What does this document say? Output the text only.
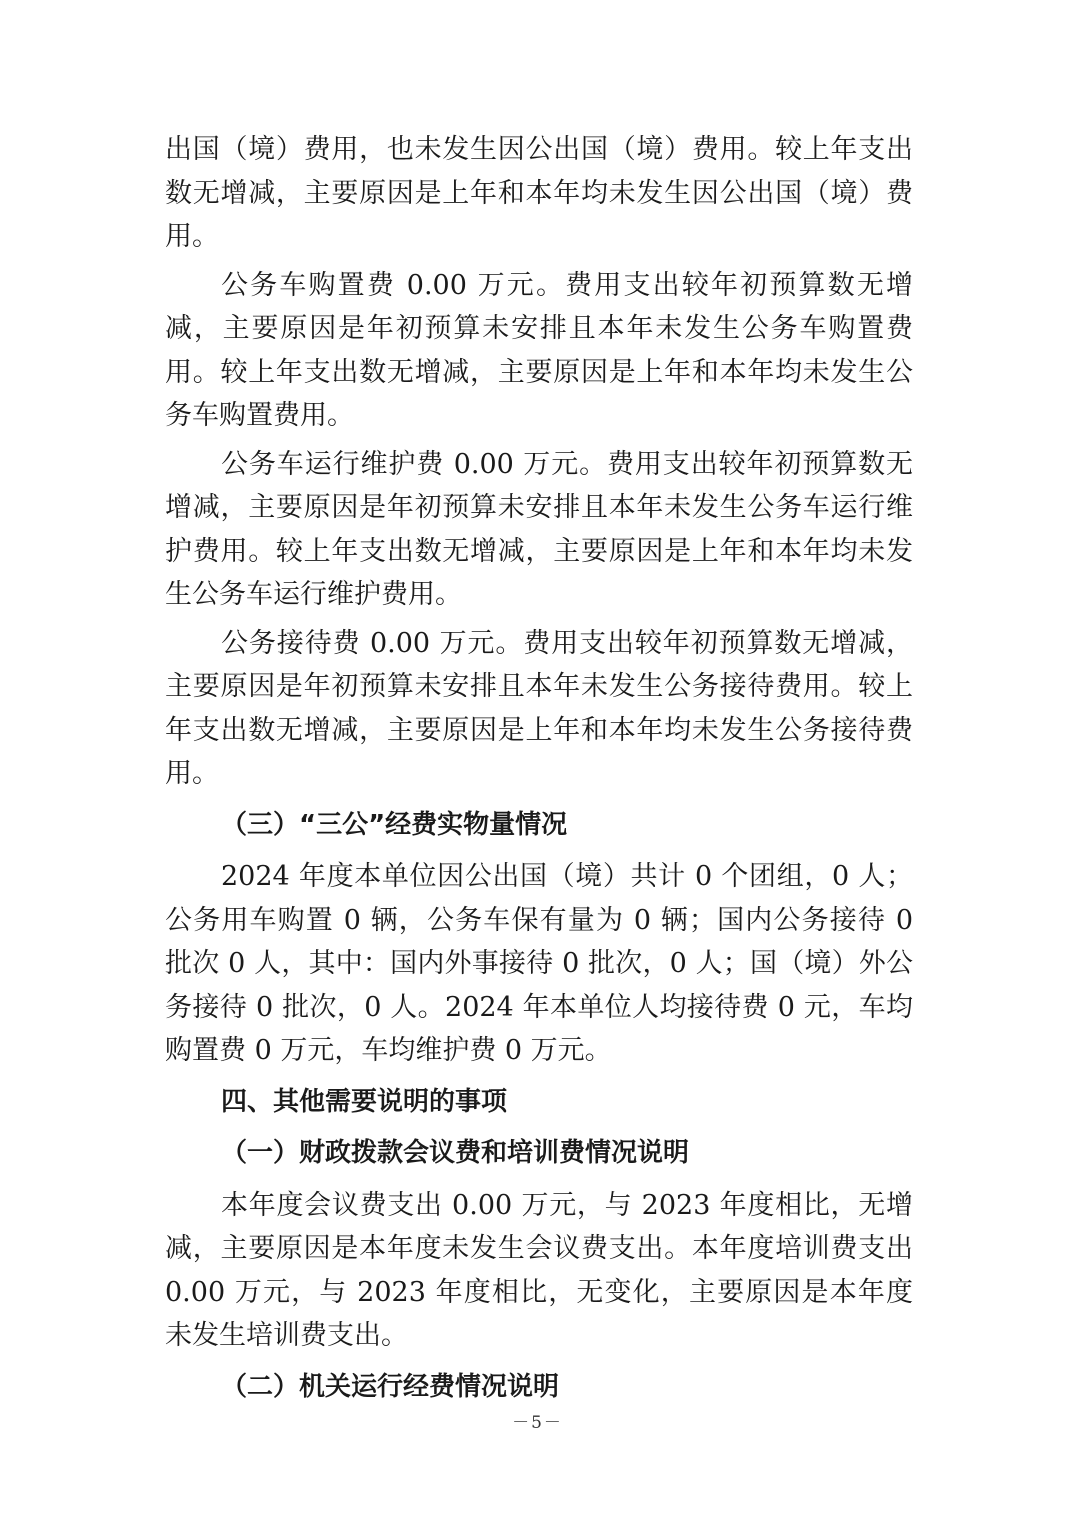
出国（境）费用，也未发生因公出国（境）费用。较上年支出数无增减，主要原因是上年和本年均未发生因公出国（境）费用。

公务车购置费 0.00 万元。费用支出较年初预算数无增减，主要原因是年初预算未安排且本年未发生公务车购置费用。较上年支出数无增减，主要原因是上年和本年均未发生公务车购置费用。

公务车运行维护费 0.00 万元。费用支出较年初预算数无增减，主要原因是年初预算未安排且本年未发生公务车运行维护费用。较上年支出数无增减，主要原因是上年和本年均未发生公务车运行维护费用。

公务接待费 0.00 万元。费用支出较年初预算数无增减，主要原因是年初预算未安排且本年未发生公务接待费用。较上年支出数无增减，主要原因是上年和本年均未发生公务接待费用。

（三）“三公”经费实物量情况

2024 年度本单位因公出国（境）共计 0 个团组，0 人；公务用车购置 0 辆，公务车保有量为 0 辆；国内公务接待 0 批次 0 人，其中：国内外事接待 0 批次，0 人；国（境）外公务接待 0 批次，0 人。2024 年本单位人均接待费 0 元，车均购置费 0 万元，车均维护费 0 万元。

四、其他需要说明的事项
（一）财政拨款会议费和培训费情况说明

本年度会议费支出 0.00 万元，与 2023 年度相比，无增减，主要原因是本年度未发生会议费支出。本年度培训费支出 0.00 万元，与 2023 年度相比，无变化，主要原因是本年度未发生培训费支出。

（二）机关运行经费情况说明
－5－
